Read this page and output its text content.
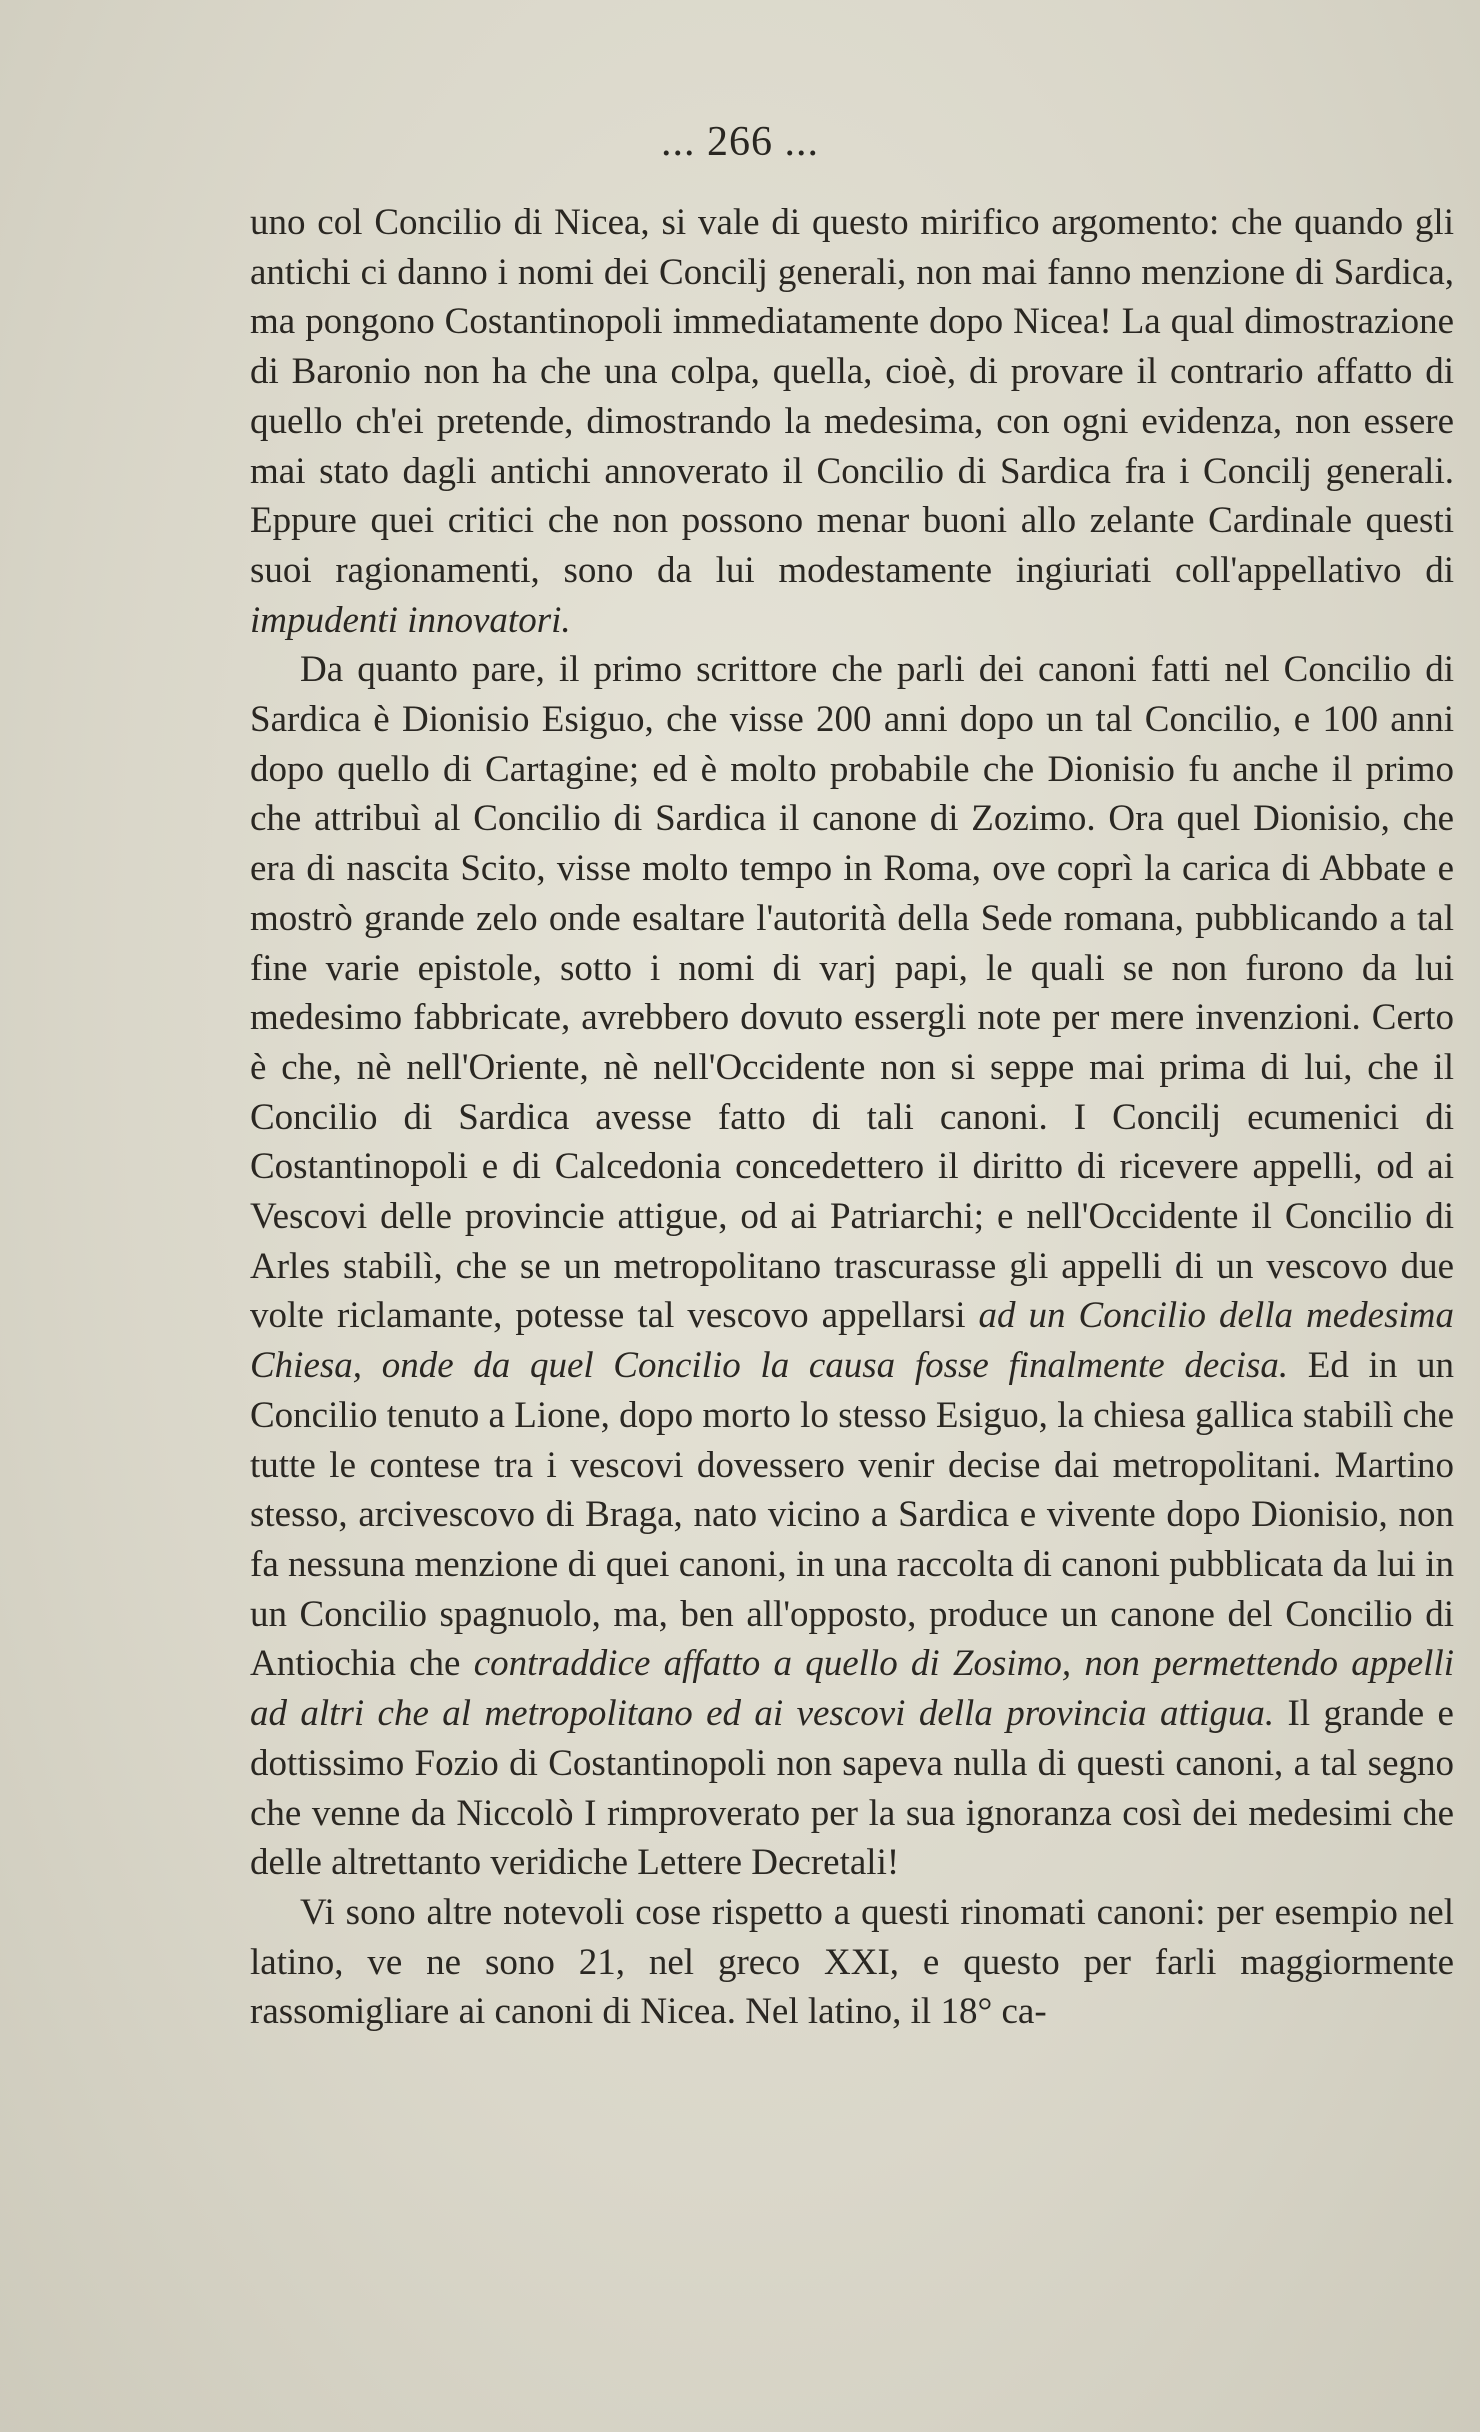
... 266 ...

uno col Concilio di Nicea, si vale di questo mirifico argomento: che quando gli antichi ci danno i nomi dei Concilj generali, non mai fanno menzione di Sardica, ma pongono Costantinopoli immediatamente dopo Nicea! La qual dimostrazione di Baronio non ha che una colpa, quella, cioè, di provare il contrario affatto di quello ch'ei pretende, dimostrando la medesima, con ogni evidenza, non essere mai stato dagli antichi annoverato il Concilio di Sardica fra i Concilj generali. Eppure quei critici che non possono menar buoni allo zelante Cardinale questi suoi ragionamenti, sono da lui modestamente ingiuriati coll'appellativo di impudenti innovatori.

Da quanto pare, il primo scrittore che parli dei canoni fatti nel Concilio di Sardica è Dionisio Esiguo, che visse 200 anni dopo un tal Concilio, e 100 anni dopo quello di Cartagine; ed è molto probabile che Dionisio fu anche il primo che attribuì al Concilio di Sardica il canone di Zozimo. Ora quel Dionisio, che era di nascita Scito, visse molto tempo in Roma, ove coprì la carica di Abbate e mostrò grande zelo onde esaltare l'autorità della Sede romana, pubblicando a tal fine varie epistole, sotto i nomi di varj papi, le quali se non furono da lui medesimo fabbricate, avrebbero dovuto essergli note per mere invenzioni. Certo è che, nè nell'Oriente, nè nell'Occidente non si seppe mai prima di lui, che il Concilio di Sardica avesse fatto di tali canoni. I Concilj ecumenici di Costantinopoli e di Calcedonia concedettero il diritto di ricevere appelli, od ai Vescovi delle provincie attigue, od ai Patriarchi; e nell'Occidente il Concilio di Arles stabilì, che se un metropolitano trascurasse gli appelli di un vescovo due volte riclamante, potesse tal vescovo appellarsi ad un Concilio della medesima Chiesa, onde da quel Concilio la causa fosse finalmente decisa. Ed in un Concilio tenuto a Lione, dopo morto lo stesso Esiguo, la chiesa gallica stabilì che tutte le contese tra i vescovi dovessero venir decise dai metropolitani. Martino stesso, arcivescovo di Braga, nato vicino a Sardica e vivente dopo Dionisio, non fa nessuna menzione di quei canoni, in una raccolta di canoni pubblicata da lui in un Concilio spagnuolo, ma, ben all'opposto, produce un canone del Concilio di Antiochia che contraddice affatto a quello di Zosimo, non permettendo appelli ad altri che al metropolitano ed ai vescovi della provincia attigua. Il grande e dottissimo Fozio di Costantinopoli non sapeva nulla di questi canoni, a tal segno che venne da Niccolò I rimproverato per la sua ignoranza così dei medesimi che delle altrettanto veridiche Lettere Decretali!

Vi sono altre notevoli cose rispetto a questi rinomati canoni: per esempio nel latino, ve ne sono 21, nel greco XXI, e questo per farli maggiormente rassomigliare ai canoni di Nicea. Nel latino, il 18° ca-
